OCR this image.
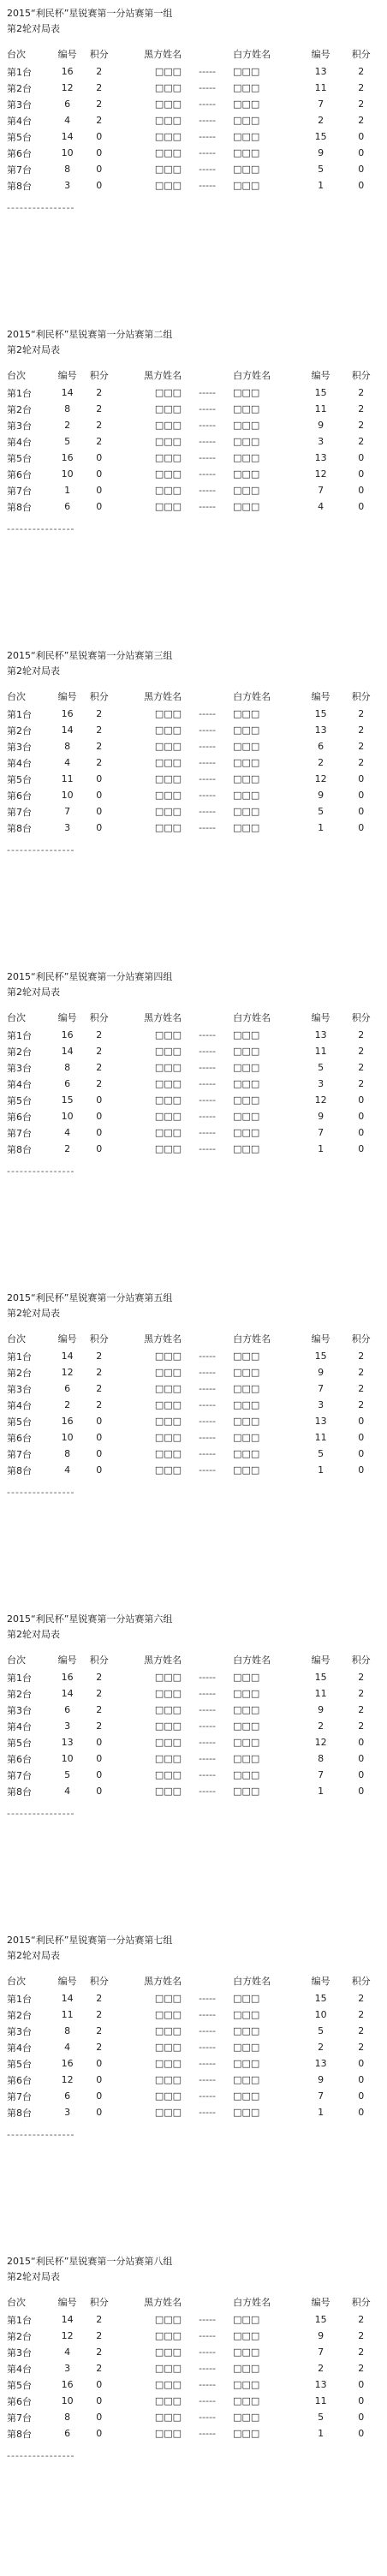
2015“利民杯”星锐赛第一分站赛第一组
第2轮对局表
台次	编号	积分	黑方姓名		白方姓名	编号	积分
第1台	16	2	□□□	-----	□□□	13	2
第2台	12	2	□□□	-----	□□□	11	2
第3台	6	2	□□□	-----	□□□	7	2
第4台	4	2	□□□	-----	□□□	2	2
第5台	14	0	□□□	-----	□□□	15	0
第6台	10	0	□□□	-----	□□□	9	0
第7台	8	0	□□□	-----	□□□	5	0
第8台	3	0	□□□	-----	□□□	1	0
----------------
2015“利民杯”星锐赛第一分站赛第二组
第2轮对局表
台次	编号	积分	黑方姓名		白方姓名	编号	积分
第1台	14	2	□□□	-----	□□□	15	2
第2台	8	2	□□□	-----	□□□	11	2
第3台	2	2	□□□	-----	□□□	9	2
第4台	5	2	□□□	-----	□□□	3	2
第5台	16	0	□□□	-----	□□□	13	0
第6台	10	0	□□□	-----	□□□	12	0
第7台	1	0	□□□	-----	□□□	7	0
第8台	6	0	□□□	-----	□□□	4	0
----------------
2015“利民杯”星锐赛第一分站赛第三组
第2轮对局表
台次	编号	积分	黑方姓名		白方姓名	编号	积分
第1台	16	2	□□□	-----	□□□	15	2
第2台	14	2	□□□	-----	□□□	13	2
第3台	8	2	□□□	-----	□□□	6	2
第4台	4	2	□□□	-----	□□□	2	2
第5台	11	0	□□□	-----	□□□	12	0
第6台	10	0	□□□	-----	□□□	9	0
第7台	7	0	□□□	-----	□□□	5	0
第8台	3	0	□□□	-----	□□□	1	0
----------------
2015“利民杯”星锐赛第一分站赛第四组
第2轮对局表
台次	编号	积分	黑方姓名		白方姓名	编号	积分
第1台	16	2	□□□	-----	□□□	13	2
第2台	14	2	□□□	-----	□□□	11	2
第3台	8	2	□□□	-----	□□□	5	2
第4台	6	2	□□□	-----	□□□	3	2
第5台	15	0	□□□	-----	□□□	12	0
第6台	10	0	□□□	-----	□□□	9	0
第7台	4	0	□□□	-----	□□□	7	0
第8台	2	0	□□□	-----	□□□	1	0
----------------
2015“利民杯”星锐赛第一分站赛第五组
第2轮对局表
台次	编号	积分	黑方姓名		白方姓名	编号	积分
第1台	14	2	□□□	-----	□□□	15	2
第2台	12	2	□□□	-----	□□□	9	2
第3台	6	2	□□□	-----	□□□	7	2
第4台	2	2	□□□	-----	□□□	3	2
第5台	16	0	□□□	-----	□□□	13	0
第6台	10	0	□□□	-----	□□□	11	0
第7台	8	0	□□□	-----	□□□	5	0
第8台	4	0	□□□	-----	□□□	1	0
----------------
2015“利民杯”星锐赛第一分站赛第六组
第2轮对局表
台次	编号	积分	黑方姓名		白方姓名	编号	积分
第1台	16	2	□□□	-----	□□□	15	2
第2台	14	2	□□□	-----	□□□	11	2
第3台	6	2	□□□	-----	□□□	9	2
第4台	3	2	□□□	-----	□□□	2	2
第5台	13	0	□□□	-----	□□□	12	0
第6台	10	0	□□□	-----	□□□	8	0
第7台	5	0	□□□	-----	□□□	7	0
第8台	4	0	□□□	-----	□□□	1	0
----------------
2015“利民杯”星锐赛第一分站赛第七组
第2轮对局表
台次	编号	积分	黑方姓名		白方姓名	编号	积分
第1台	14	2	□□□	-----	□□□	15	2
第2台	11	2	□□□	-----	□□□	10	2
第3台	8	2	□□□	-----	□□□	5	2
第4台	4	2	□□□	-----	□□□	2	2
第5台	16	0	□□□	-----	□□□	13	0
第6台	12	0	□□□	-----	□□□	9	0
第7台	6	0	□□□	-----	□□□	7	0
第8台	3	0	□□□	-----	□□□	1	0
----------------
2015“利民杯”星锐赛第一分站赛第八组
第2轮对局表
台次	编号	积分	黑方姓名		白方姓名	编号	积分
第1台	14	2	□□□	-----	□□□	15	2
第2台	12	2	□□□	-----	□□□	9	2
第3台	4	2	□□□	-----	□□□	7	2
第4台	3	2	□□□	-----	□□□	2	2
第5台	16	0	□□□	-----	□□□	13	0
第6台	10	0	□□□	-----	□□□	11	0
第7台	8	0	□□□	-----	□□□	5	0
第8台	6	0	□□□	-----	□□□	1	0
----------------
